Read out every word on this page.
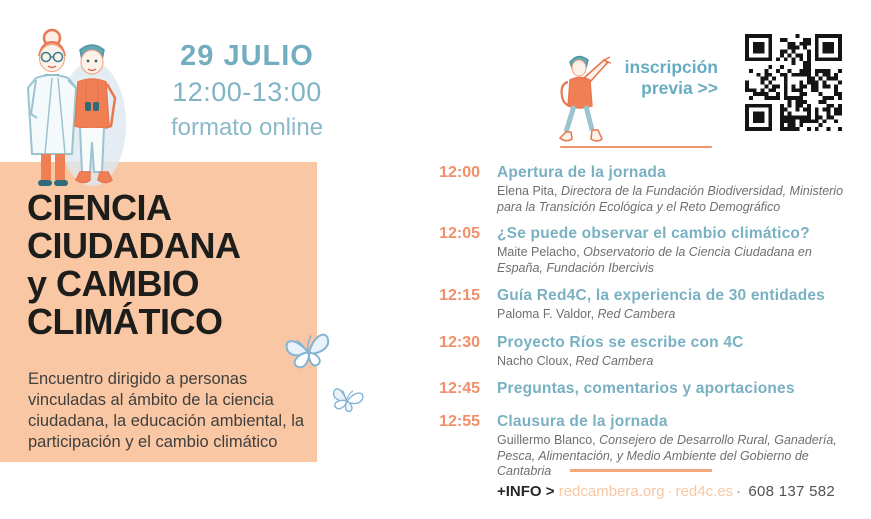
29 JULIO
12:00-13:00
formato online
CIENCIA
CIUDADANA
y CAMBIO
CLIMÁTICO

Encuentro dirigido a personas vinculadas al ámbito de la ciencia ciudadana, la educación ambiental, la participación y el cambio climático

inscripción
previa >>
12:00 Apertura de la jornada
Elena Pita, Directora de la Fundación Biodiversidad, Ministerio para la Transición Ecológica y el Reto Demográfico
12:05 ¿Se puede observar el cambio climático?
Maite Pelacho, Observatorio de la Ciencia Ciudadana en España, Fundación Ibercivis
12:15 Guía Red4C, la experiencia de 30 entidades
Paloma F. Valdor, Red Cambera
12:30 Proyecto Ríos se escribe con 4C
Nacho Cloux, Red Cambera
12:45 Preguntas, comentarios y aportaciones
12:55 Clausura de la jornada
Guillermo Blanco, Consejero de Desarrollo Rural, Ganadería, Pesca, Alimentación, y Medio Ambiente del Gobierno de Cantabria
+INFO > redcambera.org · red4c.es · 608 137 582
